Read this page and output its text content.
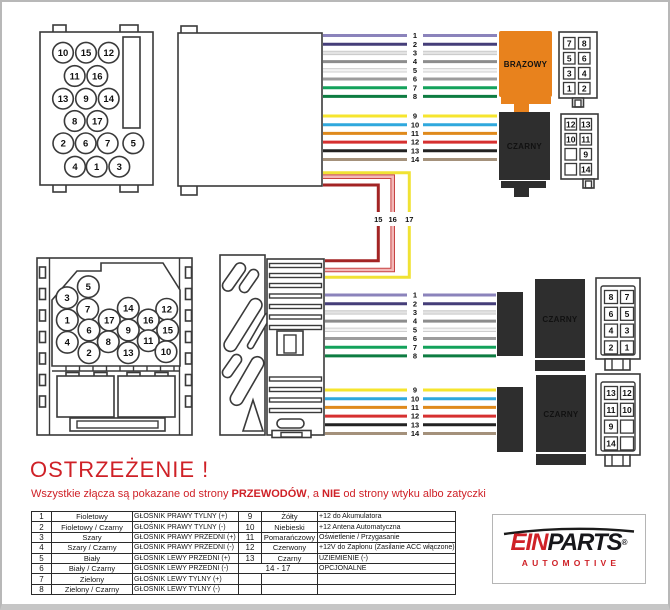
10 15 12
11 16
13 9 14
8 17
2 6 7 5
4 1 3
5
3
7
1	17
14	12
16
6	9	15
4	8	11
2	13	10
1
2
3
4
5
6
7
8
9
10
11
12
13
14
15 16 17
1
2
3
4
5
6
7
8
9
10
11
12
13
14
BRĄZOWY
7 8
5 6
3 4
1 2
CZARNY
12 13
10 11
9
14
CZARNY
8 7
6 5
4 3
2 1
CZARNY
13 12
11 10
9
14
OSTRZEŻENIE !
Wszystkie złącza są pokazane od strony PRZEWODÓW, a NIE od strony wtyku albo zatyczki
1	Fioletowy	GŁOŚNIK PRAWY TYLNY (+)
2	Fioletowy / Czarny	GŁOŚNIK PRAWY TYLNY (-)
3	Szary	GŁOŚNIK PRAWY PRZEDNI (+)
4	Szary / Czarny	GŁOŚNIK PRAWY PRZEDNI (-)
5	Biały	GŁOŚNIK LEWY PRZEDNI (+)
6	Biały / Czarny	GŁOŚNIK LEWY PRZEDNI (-)
7	Zielony	GŁOŚNIK LEWY TYLNY (+)
8	Zielony / Czarny	GŁOŚNIK LEWY TYLNY (-)
9	Żółty	+12 do Akumulatora
10	Niebieski	+12 Antena Automatyczna
11	Pomarańczowy	Oświetlenie / Przygasanie
12	Czerwony	+12V do Zapłonu (Zasilanie ACC włączone)
13	Czarny	UZIEMIENIE (-)
14 - 17		OPCJONALNE

EINPARTS®
AUTOMOTIVE
